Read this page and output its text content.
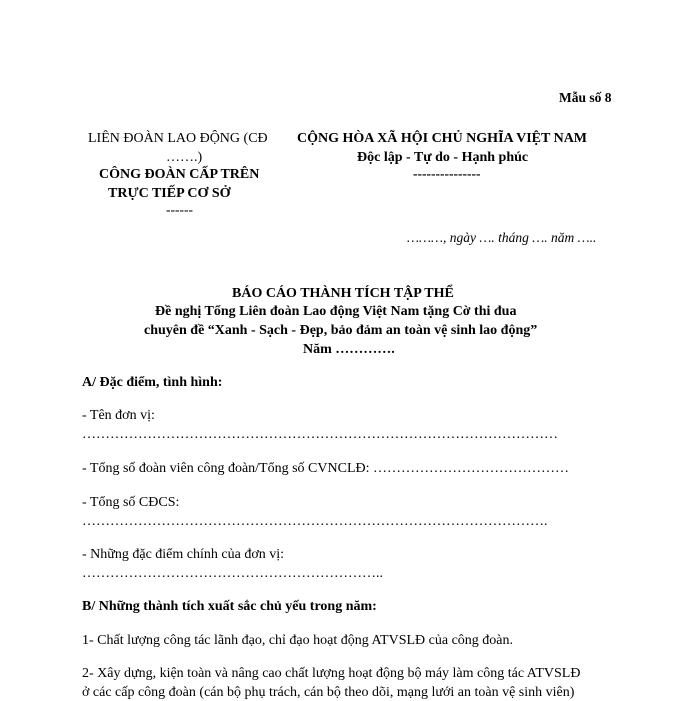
Mẫu số 8
LIÊN ĐOÀN LAO ĐỘNG (CĐ
…….)
CÔNG ĐOÀN CẤP TRÊN
TRỰC TIẾP CƠ SỞ
------
CỘNG HÒA XÃ HỘI CHỦ NGHĨA VIỆT NAM
Độc lập - Tự do - Hạnh phúc
---------------
………, ngày …. tháng …. năm …..
BÁO CÁO THÀNH TÍCH TẬP THỂ
Đề nghị Tổng Liên đoàn Lao động Việt Nam tặng Cờ thi đua
chuyên đề “Xanh - Sạch - Đẹp, bảo đảm an toàn vệ sinh lao động”
Năm ………….
A/ Đặc điểm, tình hình:
- Tên đơn vị:
…………………………………………………………………………………………
- Tổng số đoàn viên công đoàn/Tổng số CVNCLĐ: ……………………………………
- Tổng số CĐCS:
……………………………………………………………………………………….
- Những đặc điểm chính của đơn vị:
………………………………………………………..
B/ Những thành tích xuất sắc chủ yếu trong năm:
1- Chất lượng công tác lãnh đạo, chỉ đạo hoạt động ATVSLĐ của công đoàn.
2- Xây dựng, kiện toàn và nâng cao chất lượng hoạt động bộ máy làm công tác ATVSLĐ
ở các cấp công đoàn (cán bộ phụ trách, cán bộ theo dõi, mạng lưới an toàn vệ sinh viên)
